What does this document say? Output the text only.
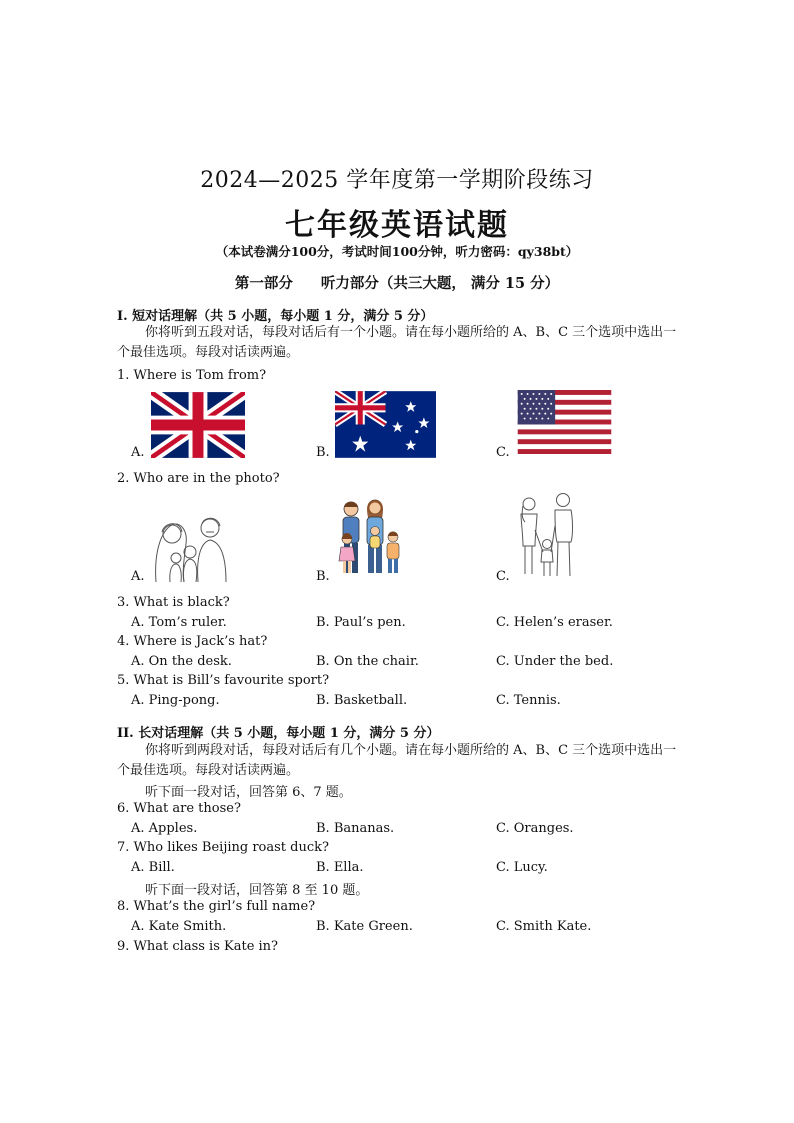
2024—2025 学年度第一学期阶段练习
七年级英语试题
（本试卷满分100分，考试时间100分钟，听力密码：qy38bt）
第一部分 听力部分（共三大题， 满分 15 分）
I. 短对话理解（共 5 小题，每小题 1 分，满分 5 分）
你将听到五段对话，每段对话后有一个小题。请在每小题所给的 A、B、C 三个选项中选出一个最佳选项。每段对话读两遍。
1. Where is Tom from?
A.	B.	C.
2. Who are in the photo?
A.	B.	C.
3. What is black?
A. Tom’s ruler.	B. Paul’s pen.	C. Helen’s eraser.
4. Where is Jack’s hat?
A. On the desk.	B. On the chair.	C. Under the bed.
5. What is Bill’s favourite sport?
A. Ping-pong.	B. Basketball.	C. Tennis.
II. 长对话理解（共 5 小题，每小题 1 分，满分 5 分）
你将听到两段对话，每段对话后有几个小题。请在每小题所给的 A、B、C 三个选项中选出一个最佳选项。每段对话读两遍。
听下面一段对话，回答第 6、7 题。
6. What are those?
A. Apples.	B. Bananas.	C. Oranges.
7. Who likes Beijing roast duck?
A. Bill.	B. Ella.	C. Lucy.
听下面一段对话，回答第 8 至 10 题。
8. What’s the girl’s full name?
A. Kate Smith.	B. Kate Green.	C. Smith Kate.
9. What class is Kate in?
